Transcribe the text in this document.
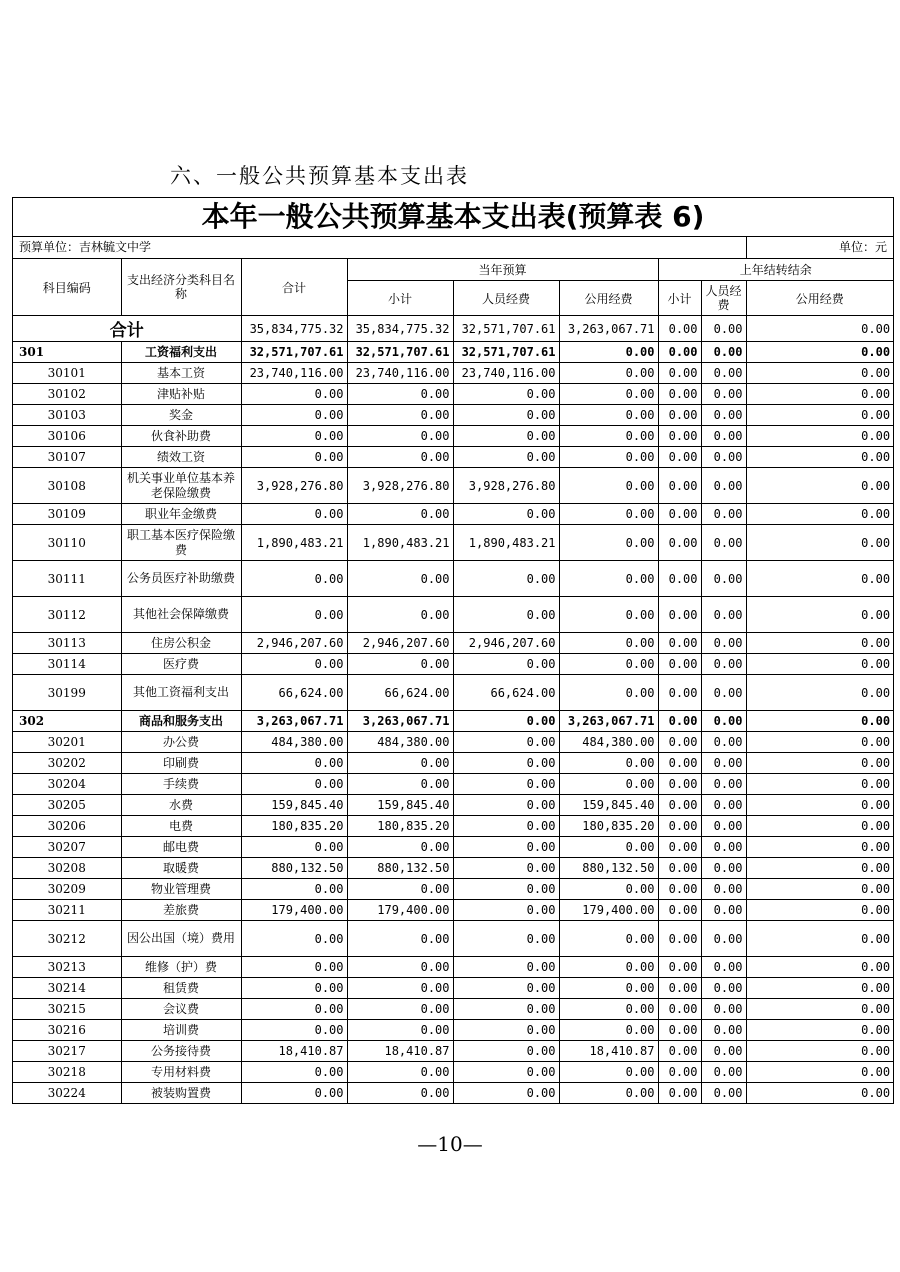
六、一般公共预算基本支出表
本年一般公共预算基本支出表(预算表 6)
预算单位：吉林毓文中学	单位：元
科目编码	支出经济分类科目名称	合计	当年预算			上年结转结余		
			小计	人员经费	公用经费	小计	人员经费	公用经费
合计		35,834,775.32	35,834,775.32	32,571,707.61	3,263,067.71	0.00	0.00	0.00
301	工资福利支出	32,571,707.61	32,571,707.61	32,571,707.61	0.00	0.00	0.00	0.00
30101	基本工资	23,740,116.00	23,740,116.00	23,740,116.00	0.00	0.00	0.00	0.00
30102	津贴补贴	0.00	0.00	0.00	0.00	0.00	0.00	0.00
30103	奖金	0.00	0.00	0.00	0.00	0.00	0.00	0.00
30106	伙食补助费	0.00	0.00	0.00	0.00	0.00	0.00	0.00
30107	绩效工资	0.00	0.00	0.00	0.00	0.00	0.00	0.00
30108	机关事业单位基本养老保险缴费	3,928,276.80	3,928,276.80	3,928,276.80	0.00	0.00	0.00	0.00
30109	职业年金缴费	0.00	0.00	0.00	0.00	0.00	0.00	0.00
30110	职工基本医疗保险缴费	1,890,483.21	1,890,483.21	1,890,483.21	0.00	0.00	0.00	0.00
30111	公务员医疗补助缴费	0.00	0.00	0.00	0.00	0.00	0.00	0.00
30112	其他社会保障缴费	0.00	0.00	0.00	0.00	0.00	0.00	0.00
30113	住房公积金	2,946,207.60	2,946,207.60	2,946,207.60	0.00	0.00	0.00	0.00
30114	医疗费	0.00	0.00	0.00	0.00	0.00	0.00	0.00
30199	其他工资福利支出	66,624.00	66,624.00	66,624.00	0.00	0.00	0.00	0.00
302	商品和服务支出	3,263,067.71	3,263,067.71	0.00	3,263,067.71	0.00	0.00	0.00
30201	办公费	484,380.00	484,380.00	0.00	484,380.00	0.00	0.00	0.00
30202	印刷费	0.00	0.00	0.00	0.00	0.00	0.00	0.00
30204	手续费	0.00	0.00	0.00	0.00	0.00	0.00	0.00
30205	水费	159,845.40	159,845.40	0.00	159,845.40	0.00	0.00	0.00
30206	电费	180,835.20	180,835.20	0.00	180,835.20	0.00	0.00	0.00
30207	邮电费	0.00	0.00	0.00	0.00	0.00	0.00	0.00
30208	取暖费	880,132.50	880,132.50	0.00	880,132.50	0.00	0.00	0.00
30209	物业管理费	0.00	0.00	0.00	0.00	0.00	0.00	0.00
30211	差旅费	179,400.00	179,400.00	0.00	179,400.00	0.00	0.00	0.00
30212	因公出国（境）费用	0.00	0.00	0.00	0.00	0.00	0.00	0.00
30213	维修（护）费	0.00	0.00	0.00	0.00	0.00	0.00	0.00
30214	租赁费	0.00	0.00	0.00	0.00	0.00	0.00	0.00
30215	会议费	0.00	0.00	0.00	0.00	0.00	0.00	0.00
30216	培训费	0.00	0.00	0.00	0.00	0.00	0.00	0.00
30217	公务接待费	18,410.87	18,410.87	0.00	18,410.87	0.00	0.00	0.00
30218	专用材料费	0.00	0.00	0.00	0.00	0.00	0.00	0.00
30224	被装购置费	0.00	0.00	0.00	0.00	0.00	0.00	0.00
—10—
